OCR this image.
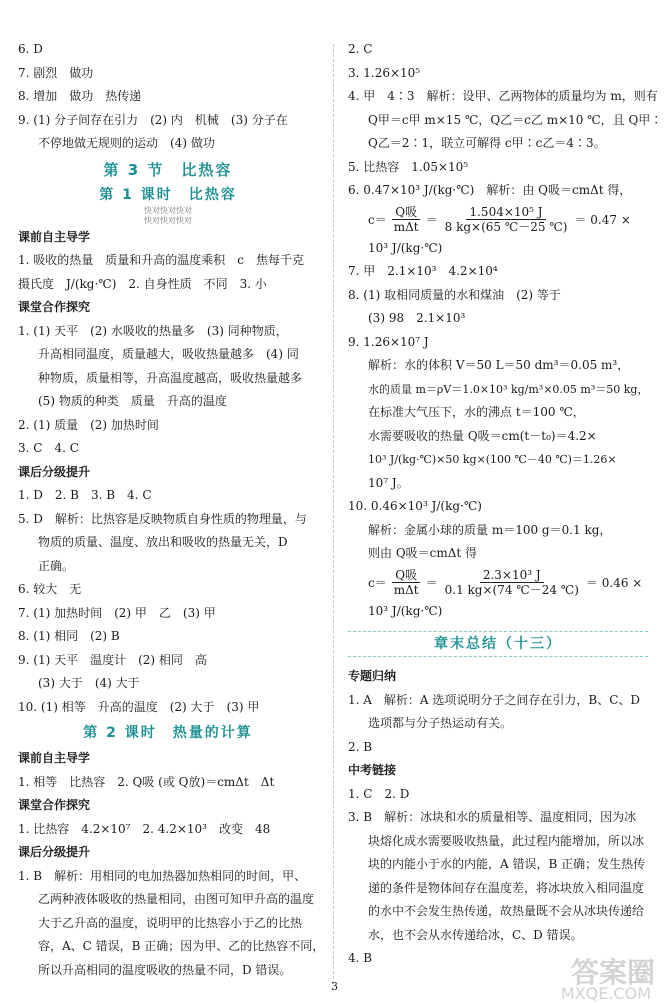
6. D
7. 剧烈　做功
8. 增加　做功　热传递
9. (1) 分子间存在引力　(2) 内　机械　(3) 分子在
不停地做无规则的运动　(4) 做功
第 3 节　比热容
第 1 课时　比热容
快对快对快对
快对快对快对
课前自主导学
1. 吸收的热量　质量和升高的温度乘积　c　焦每千克
摄氏度　J/(kg·℃)　2. 自身性质　不同　3. 小
课堂合作探究
1. (1) 天平　(2) 水吸收的热量多　(3) 同种物质，
升高相同温度，质量越大，吸收热量越多　(4) 同
种物质，质量相等，升高温度越高，吸收热量越多
(5) 物质的种类　质量　升高的温度
2. (1) 质量　(2) 加热时间
3. C　4. C
课后分级提升
1. D　2. B　3. B　4. C
5. D　解析：比热容是反映物质自身性质的物理量，与
物质的质量、温度、放出和吸收的热量无关，D
正确。
6. 较大　无
7. (1) 加热时间　(2) 甲　乙　(3) 甲
8. (1) 相同　(2) B
9. (1) 天平　温度计　(2) 相同　高
(3) 大于　(4) 大于
10. (1) 相等　升高的温度　(2) 大于　(3) 甲
第 2 课时　热量的计算
课前自主导学
1. 相等　比热容　2. Q吸 (或 Q放)＝cmΔt　Δt
课堂合作探究
1. 比热容　4.2×10⁷　2. 4.2×10³　改变　48
课后分级提升
1. B　解析：用相同的电加热器加热相同的时间，甲、
乙两种液体吸收的热量相同，由图可知甲升高的温度
大于乙升高的温度，说明甲的比热容小于乙的比热
容，A、C 错误，B 正确；因为甲、乙的比热容不同，
所以升高相同的温度吸收的热量不同，D 错误。
2. C
3. 1.26×10⁵
4. 甲　4∶3　解析：设甲、乙两物体的质量均为 m，则有
Q甲＝c甲 m×15 ℃，Q乙＝c乙 m×10 ℃，且 Q甲∶
Q乙＝2∶1，联立可解得 c甲∶c乙＝4∶3。
5. 比热容　1.05×10⁵
6. 0.47×10³ J/(kg·℃)　解析：由 Q吸＝cmΔt 得，
c＝
Q吸
$m\Delta t = \frac{\text{1.504×10⁵ J}}{8 kg\times(65 ℃-25 ℃)} = 0.47$ ×
10³ J/(kg·℃)
7. 甲　2.1×10³　4.2×10⁴
8. (1) 取相同质量的水和煤油　(2) 等于
(3) 98　2.1×10³
9. 1.26×10⁷ J
解析：水的体积 V＝50 L＝50 dm³＝0.05 m³，
水的质量 m＝ρV＝1.0×10³ kg/m³×0.05 m³＝50 kg，
在标准大气压下，水的沸点 t＝100 ℃，
水需要吸收的热量 Q吸＝cm(t－t₀)＝4.2×
10³ J/(kg·℃)×50 kg×(100 ℃－40 ℃)＝1.26×
10⁷ J。
10. 0.46×10³ J/(kg·℃)
解析：金属小球的质量 m＝100 g＝0.1 kg，
则由 Q吸＝cmΔt 得
c＝
Q吸
$m\Delta t = \frac{\text{2.3×10³ J}}{0.1 kg\times(74 ℃-24 ℃)} = 0.46$ ×
10³ J/(kg·℃)
章末总结（十三）
专题归纳
1. A　解析：A 选项说明分子之间存在引力，B、C、D
选项都与分子热运动有关。
2. B
中考链接
1. C　2. D
3. B　解析：冰块和水的质量相等、温度相同，因为冰
块熔化成水需要吸收热量，此过程内能增加，所以冰
块的内能小于水的内能，A 错误，B 正确；发生热传
递的条件是物体间存在温度差，将冰块放入相同温度
的水中不会发生热传递，故热量既不会从冰块传递给
水，也不会从水传递给冰，C、D 错误。
4. B
3	答案圈
MXQE.COM
